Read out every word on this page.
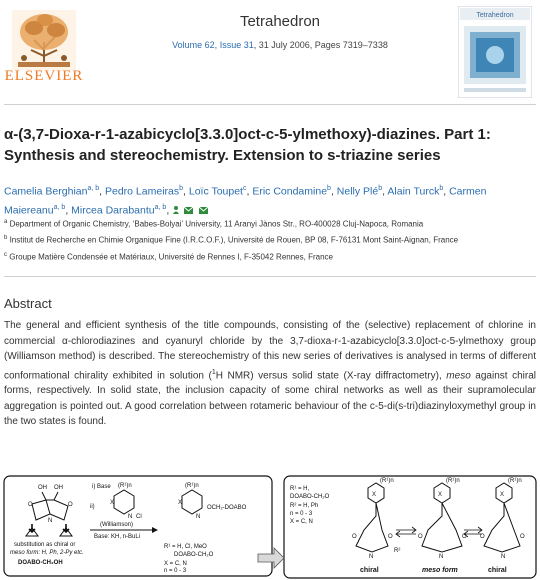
ELSEVIER
Tetrahedron
Volume 62, Issue 31, 31 July 2006, Pages 7319–7338
Tetrahedron
α-(3,7-Dioxa-r-1-azabicyclo[3.3.0]oct-c-5-ylmethoxy)-diazines. Part 1:
Synthesis and stereochemistry. Extension to s-triazine series
Camelia Berghian$^{a, b}$, Pedro Lameiras$^b$, Loïc Toupet$^c$, Eric Condamine$^b$, Nelly Plé$^b$, Alain Turck$^b$, Carmen Maiereanu$^{a, b}$, Mircea Darabantu$^{a, b}$,
$^a$ Department of Organic Chemistry, ‘Babes-Bolyai’ University, 11 Aranyi Jànos Str., RO-400028 Cluj-Napoca, Romania
$^b$ Institut de Recherche en Chimie Organique Fine (I.R.C.O.F.), Université de Rouen, BP 08, F-76131 Mont Saint-Aignan, France
$^c$ Groupe Matière Condensée et Matériaux, Université de Rennes I, F-35042 Rennes, France
Abstract
The general and efficient synthesis of the title compounds, consisting of the (selective) replacement of chlorine in commercial α-chlorodiazines and cyanuryl chloride by the 3,7-dioxa-r-1-azabicyclo[3.3.0]oct-c-5-ylmethoxy group (Williamson method) is described. The stereochemistry of this new series of derivatives is analysed in terms of different conformational chirality exhibited in solution ($^1$H NMR) versus solid state (X-ray diffractometry), meso against chiral forms, respectively. In solid state, the inclusion capacity of some chiral networks as well as their supramolecular aggregation is pointed out. A good correlation between rotameric behaviour of the c-5-di(s-tri)diazinyloxymethyl group in the two states is found.
OH OH
O	O
N
substitution as chiral or
meso form: H, Ph, 2-Py etc.
DOABO-CH₂OH
i) Base
ii)
X
N Cl
(R¹)n
(Williamson)
Base: KH, n-BuLi
X
N
(R¹)n
OCH₂-DOABO
R¹ = H, Cl, MeO
DOABO-CH₂O
X = C, N
n = 0 - 3
R¹ = H,
DOABO-CH₂O
R² = H, Ph
n = 0 - 3
X = C, N
X
(R¹)n
O	O
N
R²
X
(R¹)n
O	O
N
X
(R¹)n
O	O
N
chiral	meso form	chiral
